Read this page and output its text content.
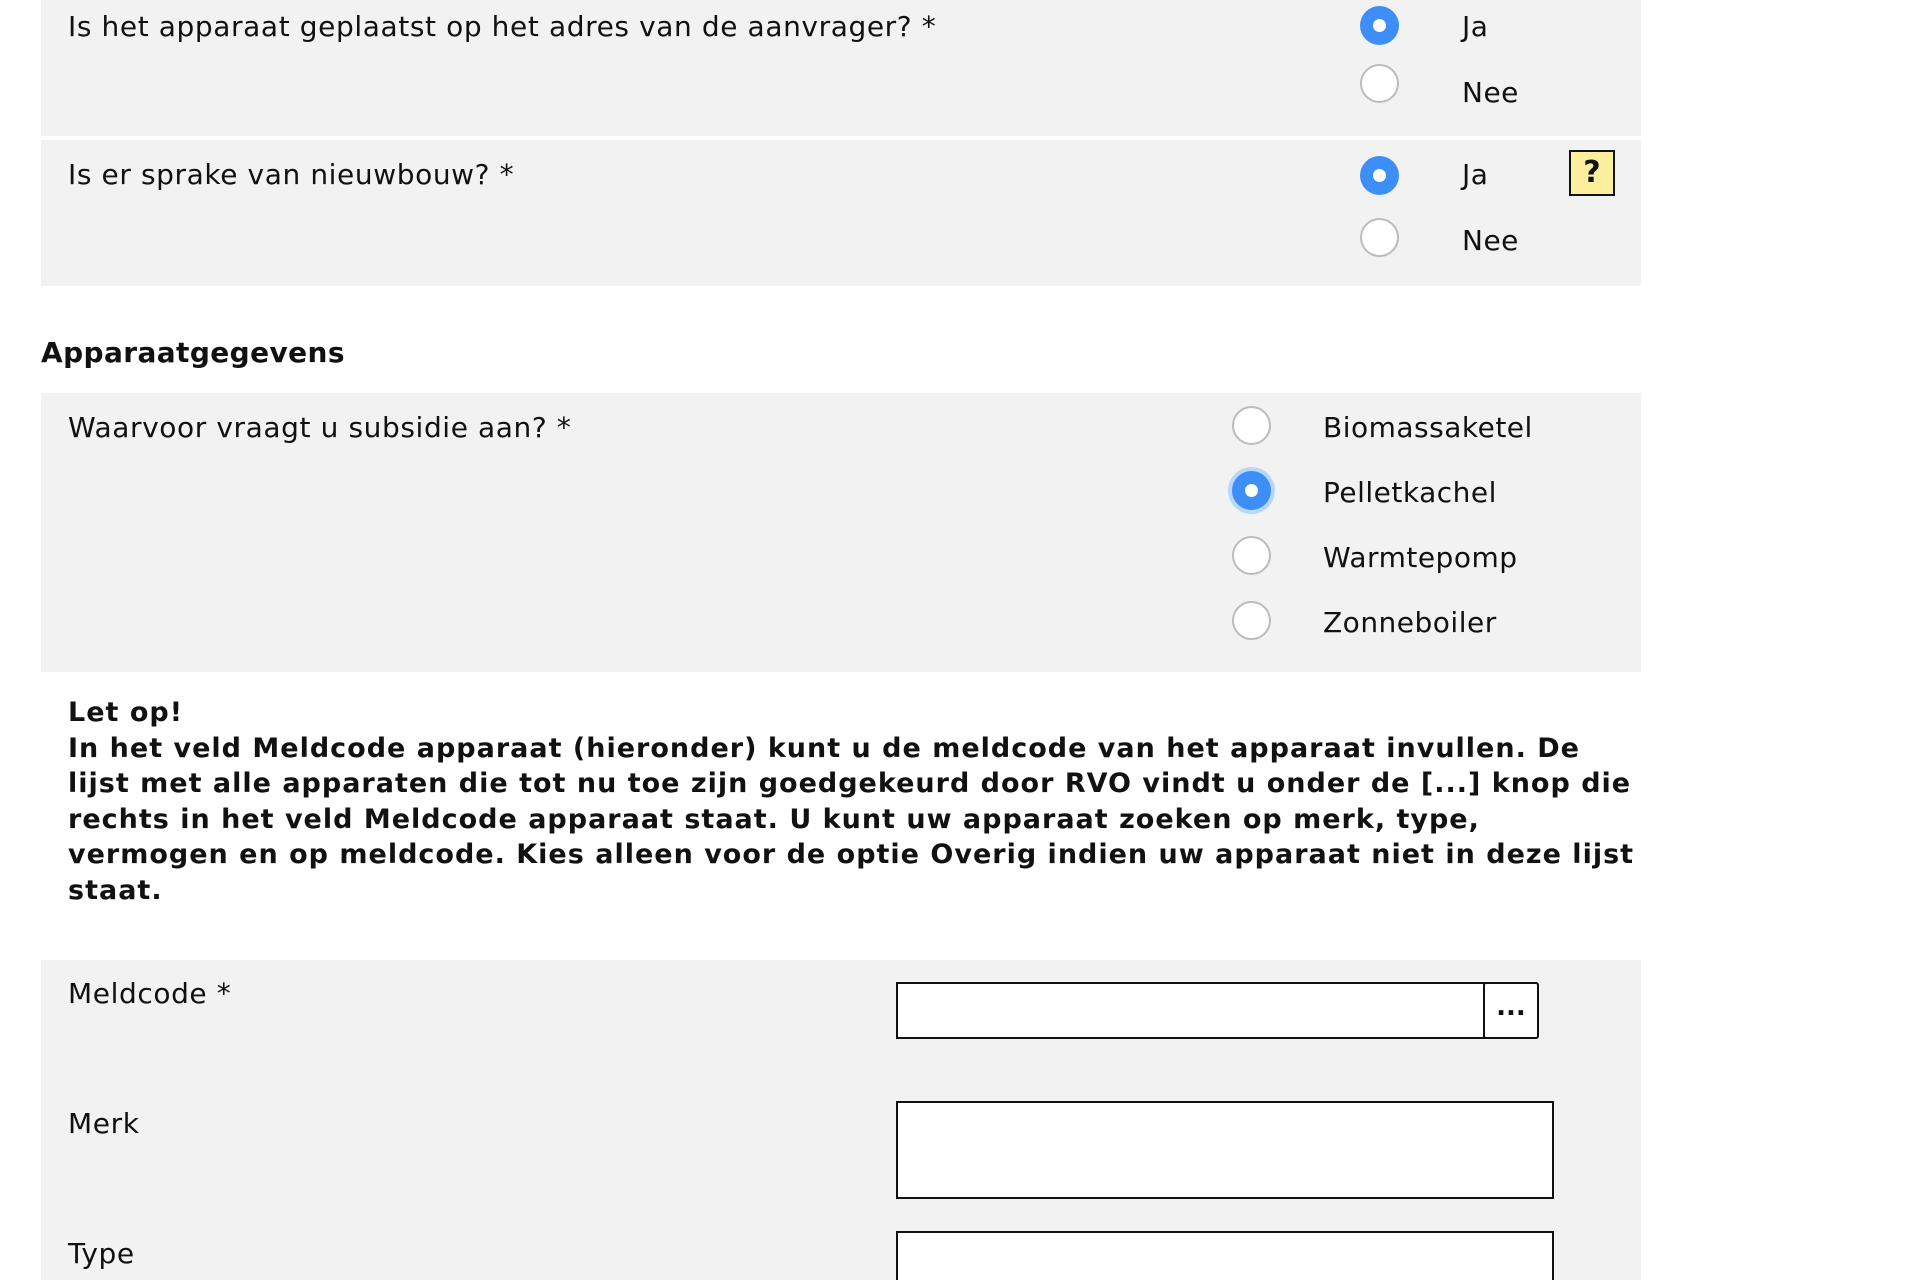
Is het apparaat geplaatst op het adres van de aanvrager? *	Ja
Nee
Is er sprake van nieuwbouw? *	Ja
Nee
?
Apparaatgegevens
Waarvoor vraagt u subsidie aan? *	Biomassaketel
Pelletkachel
Warmtepomp
Zonneboiler

Let op!

In het veld Meldcode apparaat (hieronder) kunt u de meldcode van het apparaat invullen. De lijst met alle apparaten die tot nu toe zijn goedgekeurd door RVO vindt u onder de [...] knop die rechts in het veld Meldcode apparaat staat. U kunt uw apparaat zoeken op merk, type, vermogen en op meldcode. Kies alleen voor de optie Overig indien uw apparaat niet in deze lijst staat.

Meldcode *
Merk
Type
...
